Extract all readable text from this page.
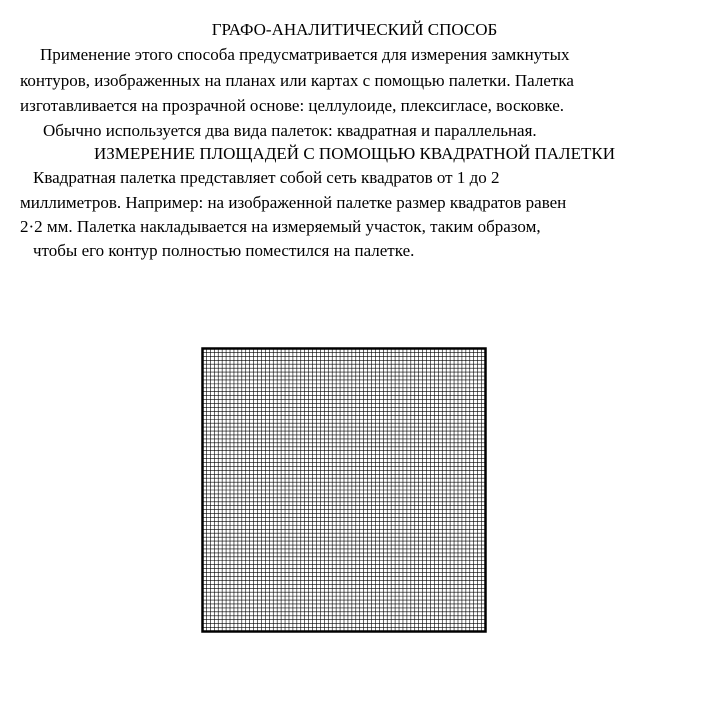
ГРАФО-АНАЛИТИЧЕСКИЙ СПОСОБ
Применение этого способа предусматривается для измерения замкнутых
контуров, изображенных на планах или картах с помощью палетки. Палетка
изготавливается на прозрачной основе: целлулоиде, плексигласе, восковке.
Обычно используется два вида палеток: квадратная и параллельная.
ИЗМЕРЕНИЕ ПЛОЩАДЕЙ С ПОМОЩЬЮ КВАДРАТНОЙ ПАЛЕТКИ
Квадратная палетка представляет собой сеть квадратов от 1 до 2
миллиметров. Например: на изображенной палетке размер квадратов равен
2·2 мм. Палетка накладывается на измеряемый участок, таким образом,
чтобы его контур полностью поместился на палетке.
